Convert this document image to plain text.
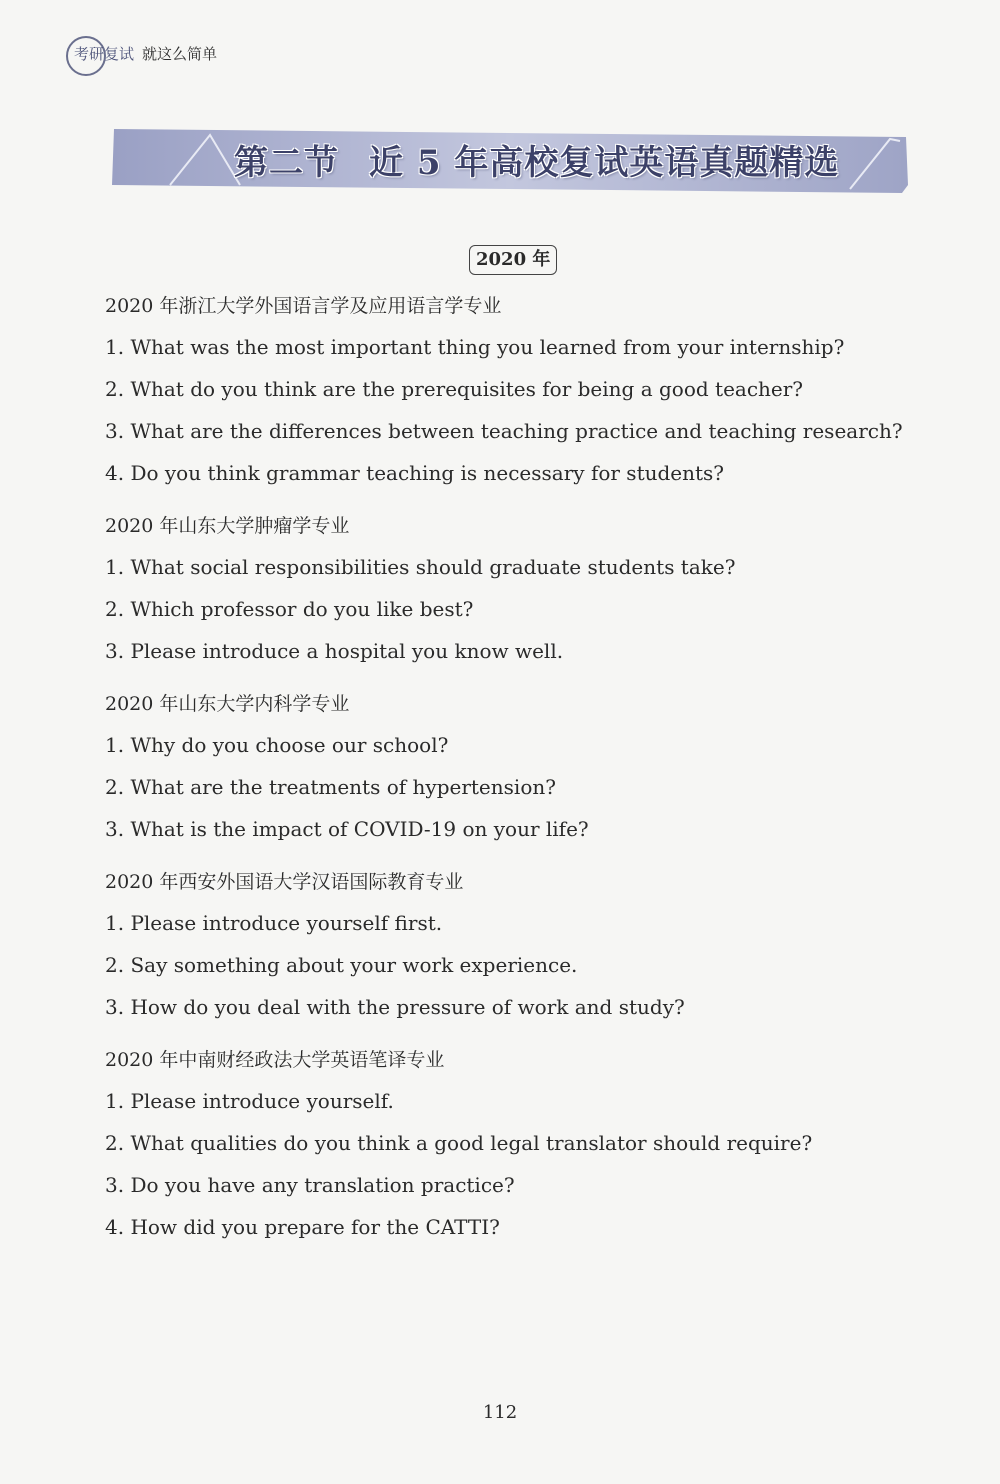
考研复试 就这么简单
第二节 近 5 年高校复试英语真题精选
2020 年
2020 年浙江大学外国语言学及应用语言学专业
1. What was the most important thing you learned from your internship?
2. What do you think are the prerequisites for being a good teacher?
3. What are the differences between teaching practice and teaching research?
4. Do you think grammar teaching is necessary for students?
2020 年山东大学肿瘤学专业
1. What social responsibilities should graduate students take?
2. Which professor do you like best?
3. Please introduce a hospital you know well.
2020 年山东大学内科学专业
1. Why do you choose our school?
2. What are the treatments of hypertension?
3. What is the impact of COVID-19 on your life?
2020 年西安外国语大学汉语国际教育专业
1. Please introduce yourself first.
2. Say something about your work experience.
3. How do you deal with the pressure of work and study?
2020 年中南财经政法大学英语笔译专业
1. Please introduce yourself.
2. What qualities do you think a good legal translator should require?
3. Do you have any translation practice?
4. How did you prepare for the CATTI?
112
